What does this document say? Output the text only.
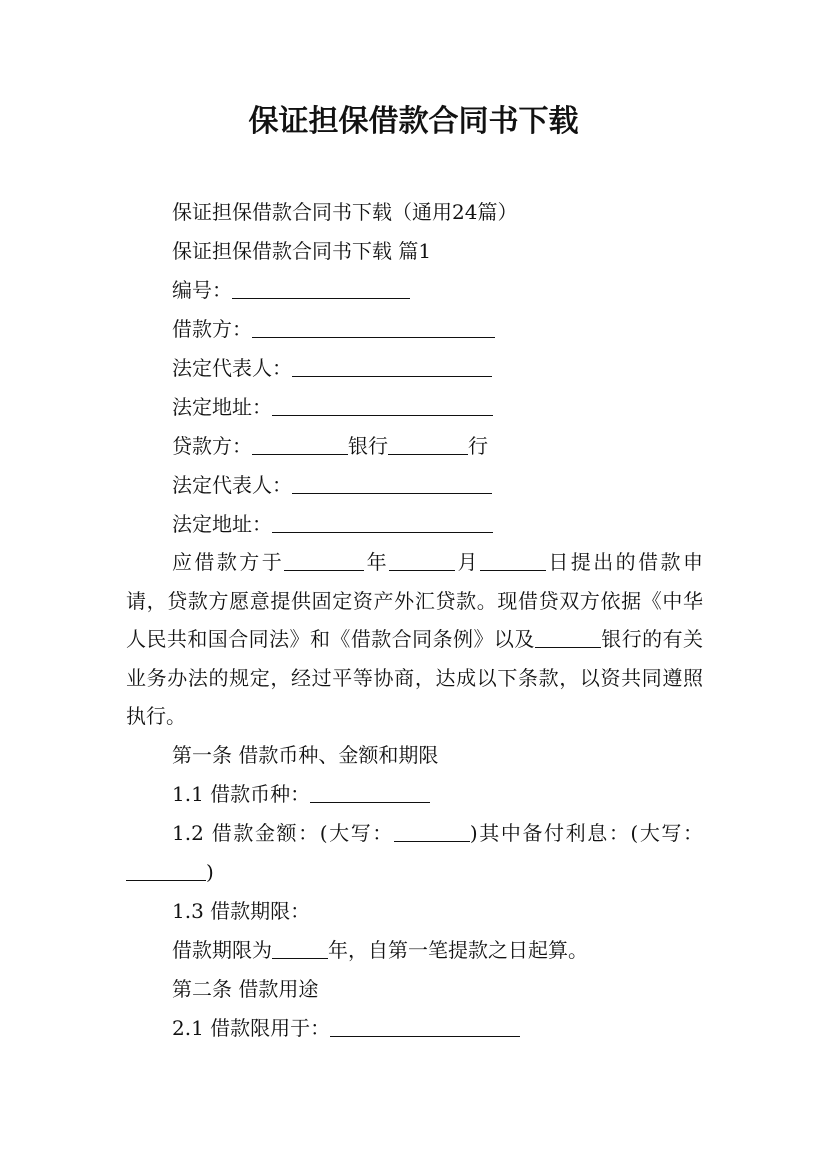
保证担保借款合同书下载
保证担保借款合同书下载（通用24篇）
保证担保借款合同书下载 篇1
编号：
借款方：
法定代表人：
法定地址：
贷款方：	银行	行
法定代表人：
法定地址：
应借款方于	年	月	日提出的借款申请，贷款方愿意提供固定资产外汇贷款。现借贷双方依据《中华人民共和国合同法》和《借款合同条例》以及	银行的有关业务办法的规定，经过平等协商，达成以下条款，以资共同遵照执行。
第一条 借款币种、金额和期限
1.1 借款币种：
1.2 借款金额：(大写：	)其中备付利息：(大写：)
1.3 借款期限：
借款期限为	年，自第一笔提款之日起算。
第二条 借款用途
2.1 借款限用于：
